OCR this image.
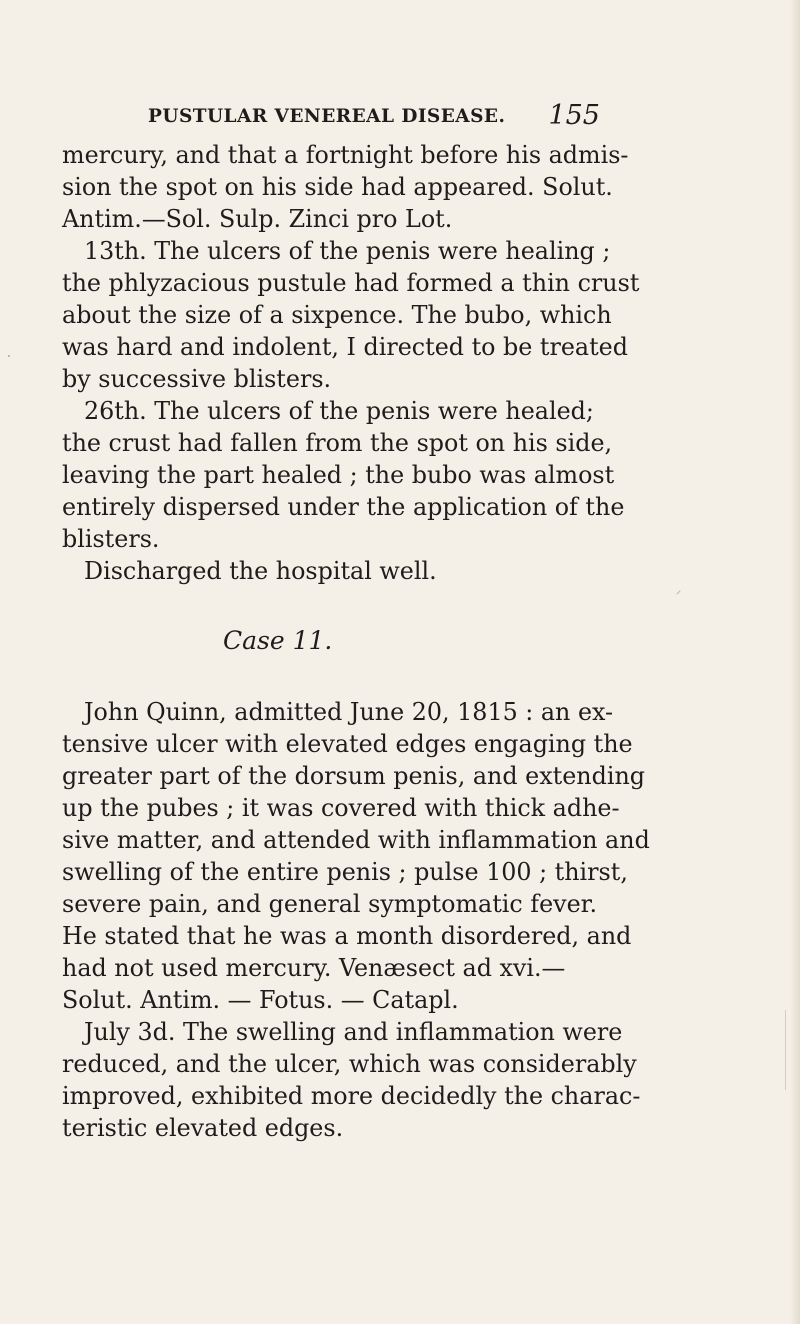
PUSTULAR VENEREAL DISEASE. 155
mercury, and that a fortnight before his admis-
sion the spot on his side had appeared. Solut.
Antim.—Sol. Sulp. Zinci pro Lot.
13th. The ulcers of the penis were healing ;
the phlyzacious pustule had formed a thin crust
about the size of a sixpence. The bubo, which
was hard and indolent, I directed to be treated
by successive blisters.
26th. The ulcers of the penis were healed;
the crust had fallen from the spot on his side,
leaving the part healed ; the bubo was almost
entirely dispersed under the application of the
blisters.
Discharged the hospital well.
Case 11.
John Quinn, admitted June 20, 1815 : an ex-
tensive ulcer with elevated edges engaging the
greater part of the dorsum penis, and extending
up the pubes ; it was covered with thick adhe-
sive matter, and attended with inflammation and
swelling of the entire penis ; pulse 100 ; thirst,
severe pain, and general symptomatic fever.
He stated that he was a month disordered, and
had not used mercury. Venæsect ad xvi.—
Solut. Antim. — Fotus. — Catapl.
July 3d. The swelling and inflammation were
reduced, and the ulcer, which was considerably
improved, exhibited more decidedly the charac-
teristic elevated edges.
